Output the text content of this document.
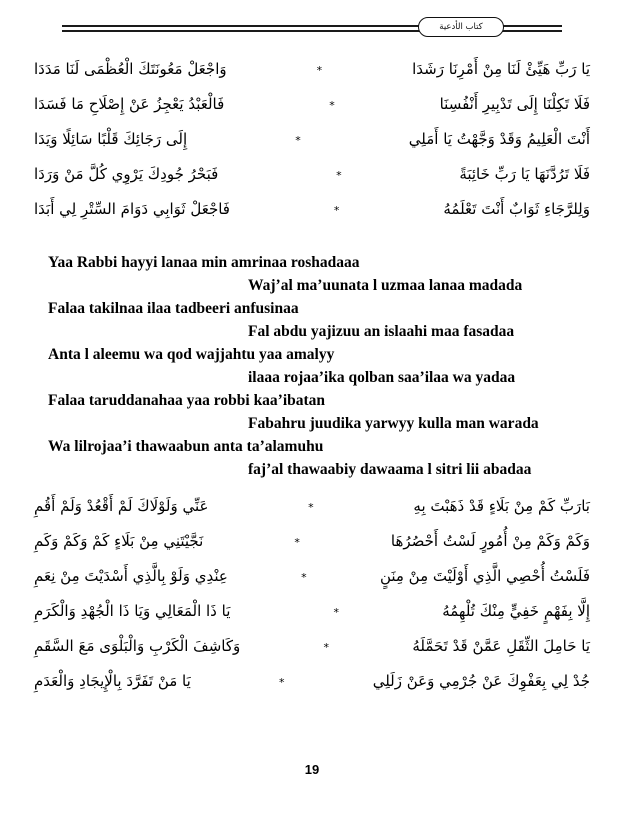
كتاب الأدعية
يَا رَبِّ هَيِّئْ لَنَا مِنْ أَمْرِنَا رَشَدَا
*
وَاجْعَلْ مَعُونَتَكَ الْعُظْمَى لَنَا مَدَدَا
فَلَا تَكِلْنَا إِلَى تَدْبِيرِ أَنْفُسِنَا
*
فَالْعَبْدُ يَعْجِزُ عَنْ إِصْلَاحِ مَا فَسَدَا
أَنْتَ الْعَلِيمُ وَقَدْ وَجَّهْتُ يَا أَمَلِي
*
إِلَى رَجَائِكَ قَلْبًا سَائِلًا وَيَدَا
فَلَا تَرُدَّنَهَا يَا رَبِّ خَائِبَةً
*
فَبَحْرُ جُودِكَ يَرْوِي كُلَّ مَنْ وَرَدَا
وَلِلرَّجَاءِ ثَوَابٌ أَنْتَ تَعْلَمُهُ
*
فَاجْعَلْ ثَوَابِي دَوَامَ السِّتْرِ لِي أَبَدَا
Yaa Rabbi hayyi lanaa min amrinaa roshadaaa
Waj’al ma’uunata l uzmaa lanaa madada
Falaa takilnaa ilaa tadbeeri anfusinaa
Fal abdu yajizuu an islaahi maa fasadaa
Anta l aleemu wa qod wajjahtu yaa amalyy
ilaaa rojaa’ika qolban saa’ilaa wa yadaa
Falaa taruddanahaa yaa robbi kaa’ibatan
Fabahru juudika yarwyy kulla man warada
Wa lilrojaa’i thawaabun anta ta’alamuhu
faj’al thawaabiy dawaama l sitri lii abadaa
بَارَبِّ كَمْ مِنْ بَلَاءٍ قَدْ ذَهَبْتَ بِهِ
*
عَنِّي وَلَوْلَاكَ لَمْ أَقْعُدْ وَلَمْ أَقُمِ
وَكَمْ وَكَمْ مِنْ أُمُورٍ لَسْتُ أَحْصُرُهَا
*
نَجَّيْتَنِي مِنْ بَلَاءٍ كَمْ وَكَمْ وَكَمِ
فَلَسْتُ أُحْصِي الَّذِي أَوْلَيْتَ مِنْ مِنَنٍ
*
عِنْدِي وَلَوْ بِالَّذِي أَسْدَيْتَ مِنْ نِعَمِ
إِلَّا بِفَهْمٍ خَفِيٍّ مِنْكَ تُلْهِمُهُ
*
يَا ذَا الْمَعَالِي وَيَا ذَا الْجُهْدِ وَالْكَرَمِ
يَا حَامِلَ الثِّقَلِ عَمَّنْ قَدْ تَحَمَّلَهُ
*
وَكَاشِفَ الْكَرْبِ وَالْبَلْوَى مَعَ السَّقَمِ
جُدْ لِي بِعَفْوِكَ عَنْ جُرْمِي وَعَنْ زَلَلِي
*
يَا مَنْ تَفَرَّدَ بِالْإِيجَادِ وَالْعَدَمِ
19
